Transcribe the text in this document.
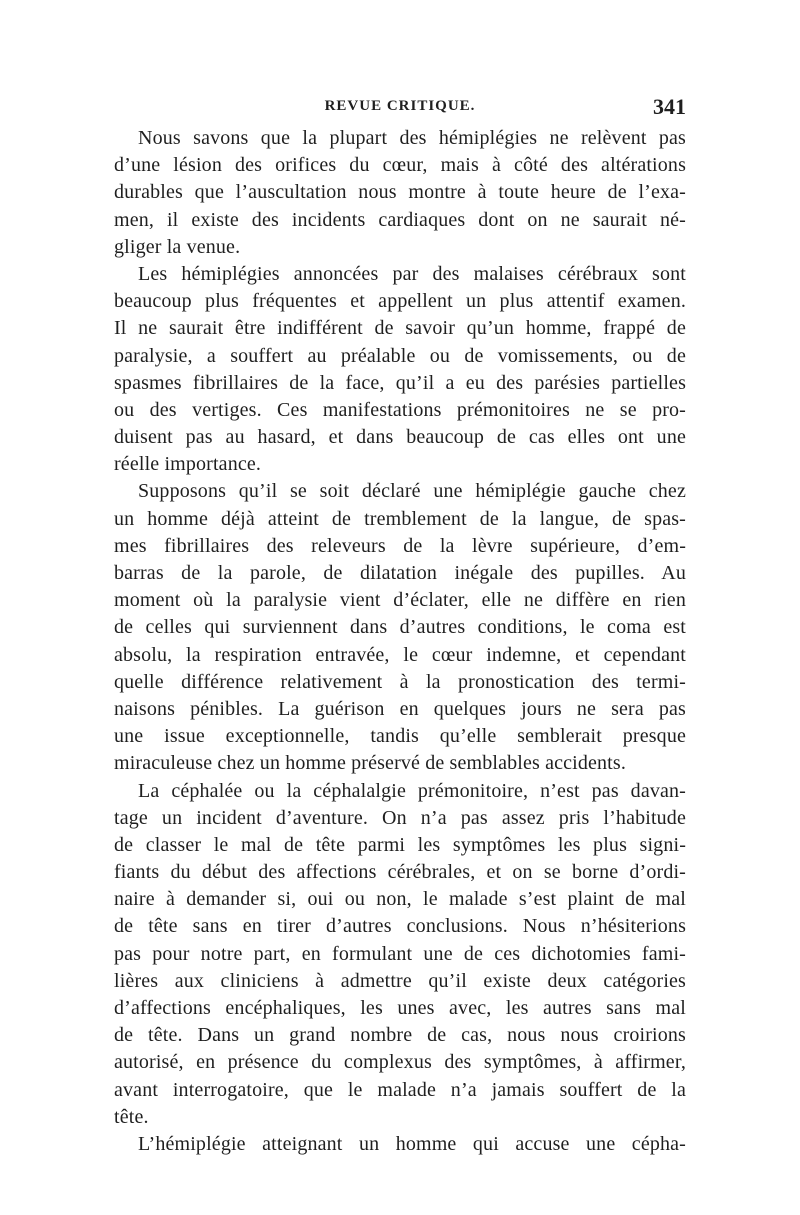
REVUE CRITIQUE.	341
Nous savons que la plupart des hémiplégies ne relèvent pas
d’une lésion des orifices du cœur, mais à côté des altérations
durables que l’auscultation nous montre à toute heure de l’exa-
men, il existe des incidents cardiaques dont on ne saurait né-
gliger la venue.
Les hémiplégies annoncées par des malaises cérébraux sont
beaucoup plus fréquentes et appellent un plus attentif examen.
Il ne saurait être indifférent de savoir qu’un homme, frappé de
paralysie, a souffert au préalable ou de vomissements, ou de
spasmes fibrillaires de la face, qu’il a eu des parésies partielles
ou des vertiges. Ces manifestations prémonitoires ne se pro-
duisent pas au hasard, et dans beaucoup de cas elles ont une
réelle importance.
Supposons qu’il se soit déclaré une hémiplégie gauche chez
un homme déjà atteint de tremblement de la langue, de spas-
mes fibrillaires des releveurs de la lèvre supérieure, d’em-
barras de la parole, de dilatation inégale des pupilles. Au
moment où la paralysie vient d’éclater, elle ne diffère en rien
de celles qui surviennent dans d’autres conditions, le coma est
absolu, la respiration entravée, le cœur indemne, et cependant
quelle différence relativement à la pronostication des termi-
naisons pénibles. La guérison en quelques jours ne sera pas
une issue exceptionnelle, tandis qu’elle semblerait presque
miraculeuse chez un homme préservé de semblables accidents.
La céphalée ou la céphalalgie prémonitoire, n’est pas davan-
tage un incident d’aventure. On n’a pas assez pris l’habitude
de classer le mal de tête parmi les symptômes les plus signi-
fiants du début des affections cérébrales, et on se borne d’ordi-
naire à demander si, oui ou non, le malade s’est plaint de mal
de tête sans en tirer d’autres conclusions. Nous n’hésiterions
pas pour notre part, en formulant une de ces dichotomies fami-
lières aux cliniciens à admettre qu’il existe deux catégories
d’affections encéphaliques, les unes avec, les autres sans mal
de tête. Dans un grand nombre de cas, nous nous croirions
autorisé, en présence du complexus des symptômes, à affirmer,
avant interrogatoire, que le malade n’a jamais souffert de la
tête.
L’hémiplégie atteignant un homme qui accuse une cépha-
